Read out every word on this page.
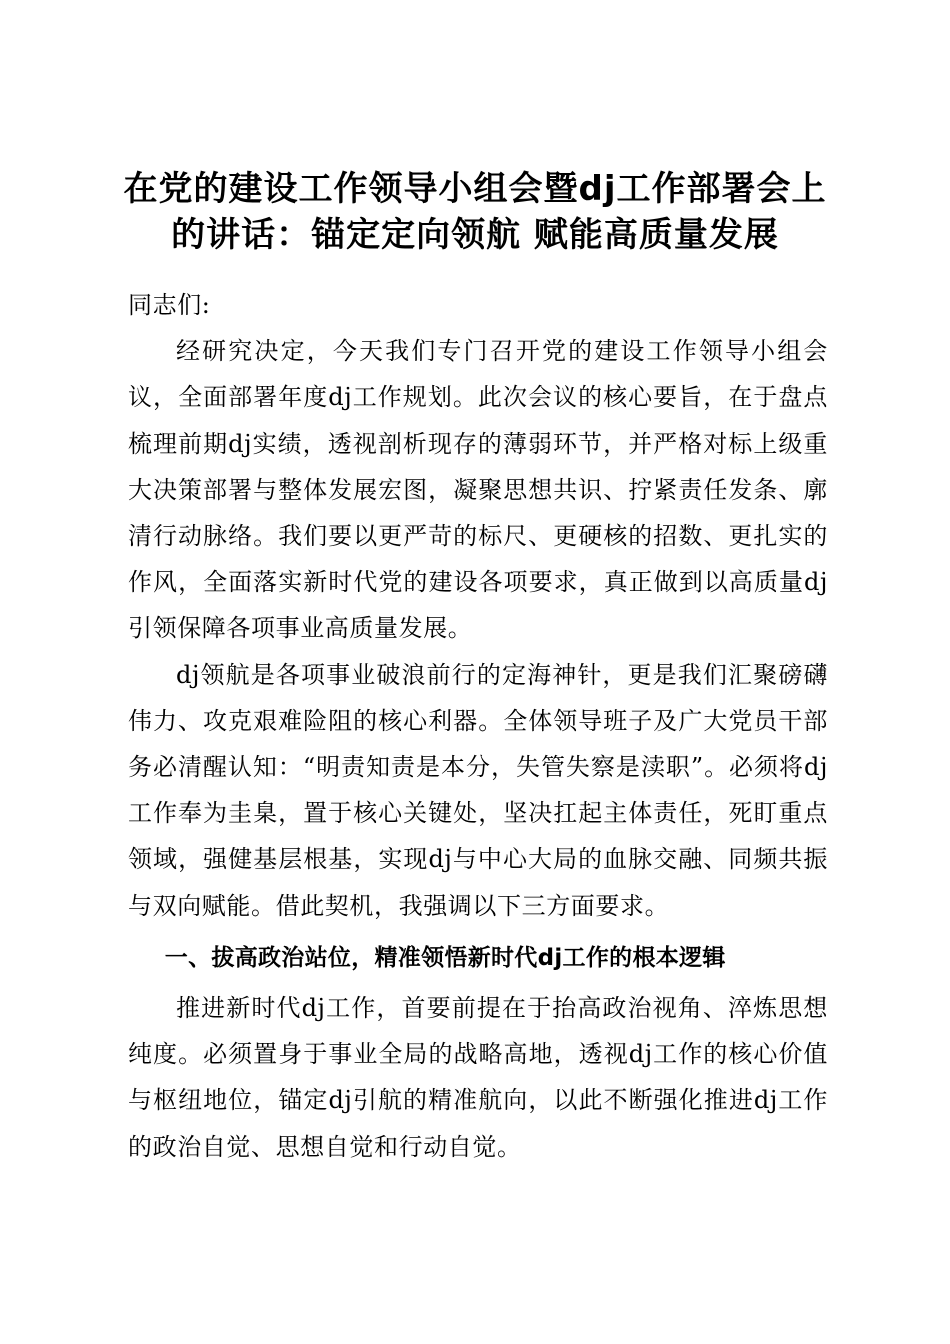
在党的建设工作领导小组会暨dj工作部署会上的讲话：锚定定向领航 赋能高质量发展

同志们:

经研究决定，今天我们专门召开党的建设工作领导小组会议，全面部署年度dj工作规划。此次会议的核心要旨，在于盘点梳理前期dj实绩，透视剖析现存的薄弱环节，并严格对标上级重大决策部署与整体发展宏图，凝聚思想共识、拧紧责任发条、廓清行动脉络。我们要以更严苛的标尺、更硬核的招数、更扎实的作风，全面落实新时代党的建设各项要求，真正做到以高质量dj引领保障各项事业高质量发展。

dj领航是各项事业破浪前行的定海神针，更是我们汇聚磅礴伟力、攻克艰难险阻的核心利器。全体领导班子及广大党员干部务必清醒认知：“明责知责是本分，失管失察是渎职”。必须将dj工作奉为圭臬，置于核心关键处，坚决扛起主体责任，死盯重点领域，强健基层根基，实现dj与中心大局的血脉交融、同频共振与双向赋能。借此契机，我强调以下三方面要求。

一、拔高政治站位，精准领悟新时代dj工作的根本逻辑

推进新时代dj工作，首要前提在于抬高政治视角、淬炼思想纯度。必须置身于事业全局的战略高地，透视dj工作的核心价值与枢纽地位，锚定dj引航的精准航向，以此不断强化推进dj工作的政治自觉、思想自觉和行动自觉。
